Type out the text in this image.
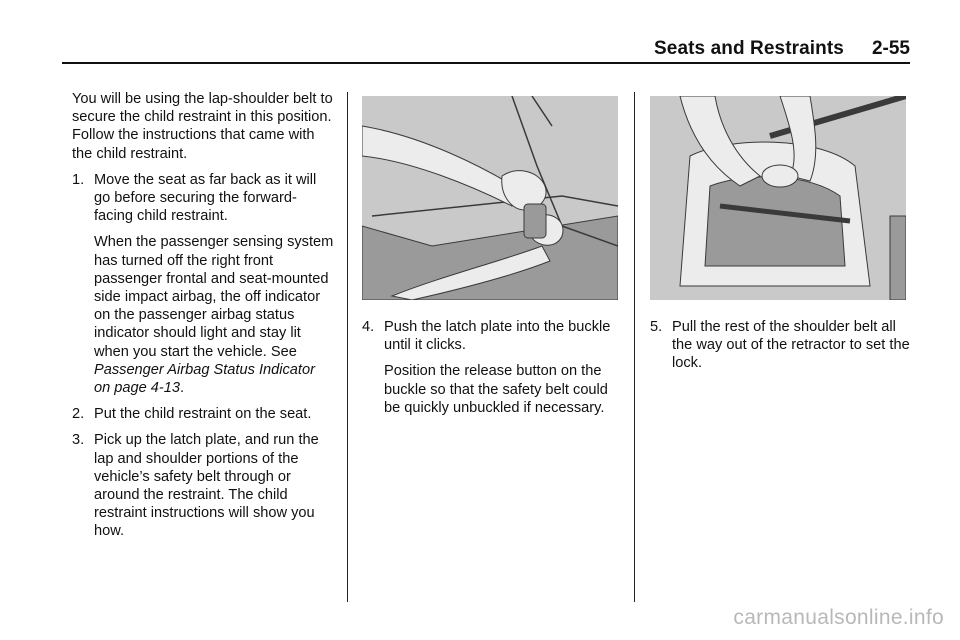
Seats and Restraints 2-55

You will be using the lap-shoulder belt to secure the child restraint in this position. Follow the instructions that came with the child restraint.

1. Move the seat as far back as it will go before securing the forward-facing child restraint.
When the passenger sensing system has turned off the right front passenger frontal and seat-mounted side impact airbag, the off indicator on the passenger airbag status indicator should light and stay lit when you start the vehicle. See Passenger Airbag Status Indicator on page 4-13.
2. Put the child restraint on the seat.
3. Pick up the latch plate, and run the lap and shoulder portions of the vehicle’s safety belt through or around the restraint. The child restraint instructions will show you how.
4. Push the latch plate into the buckle until it clicks.
Position the release button on the buckle so that the safety belt could be quickly unbuckled if necessary.
5. Pull the rest of the shoulder belt all the way out of the retractor to set the lock.
carmanualsonline.info
